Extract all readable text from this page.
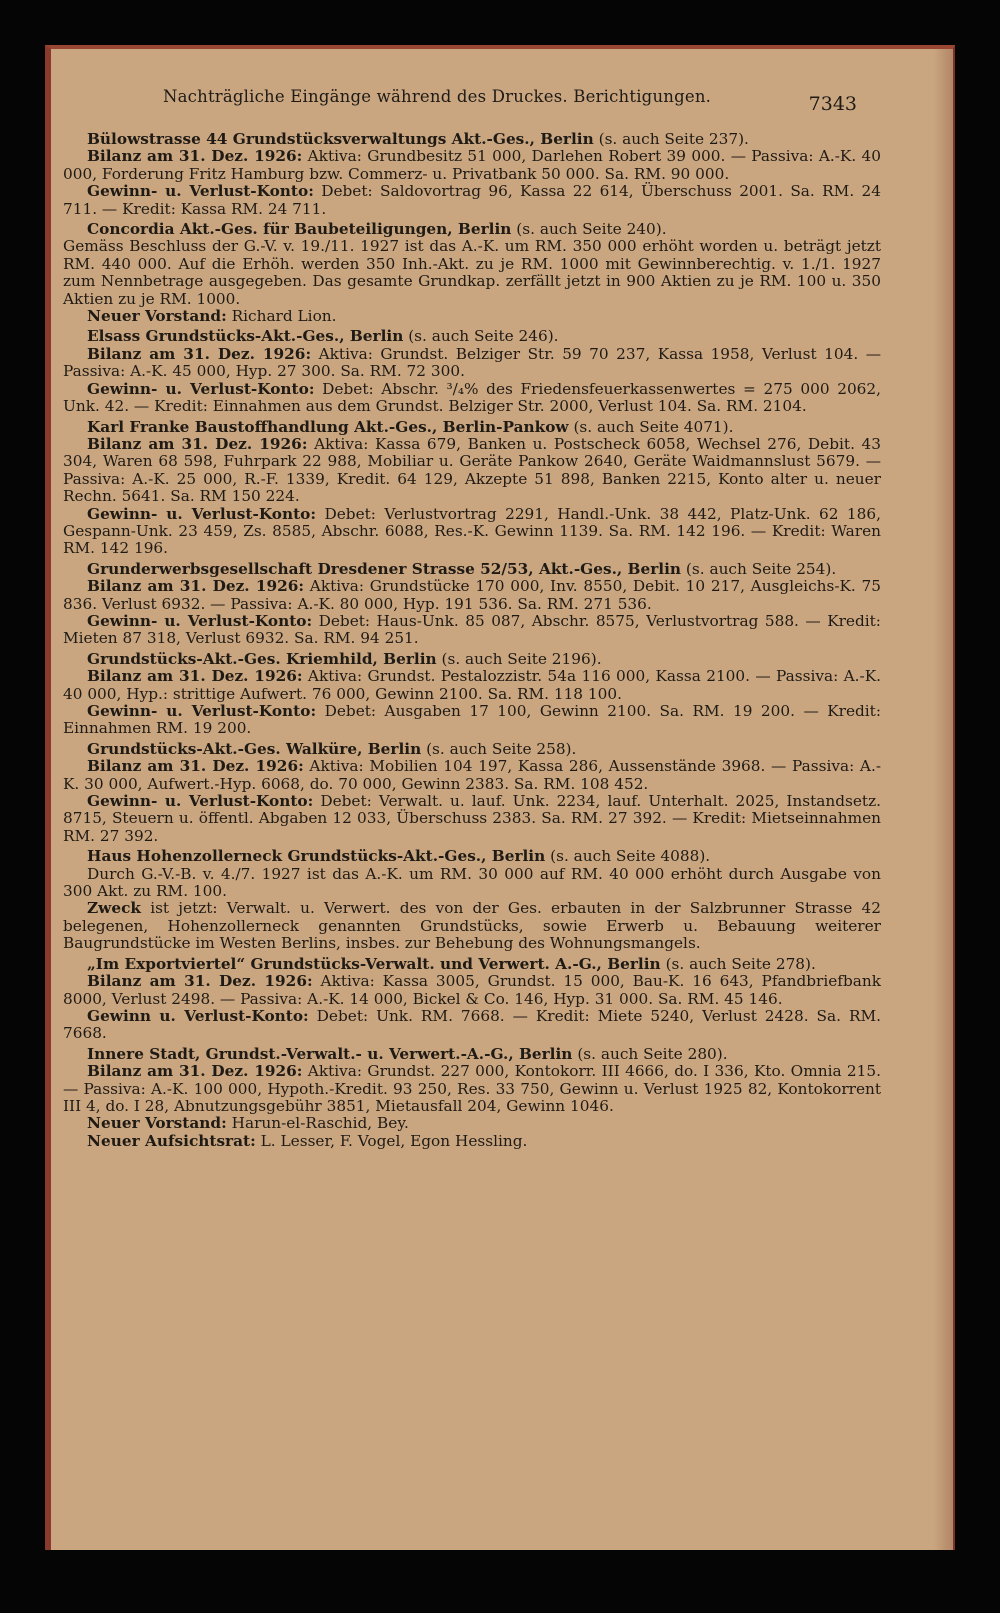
Nachträgliche Eingänge während des Druckes. Berichtigungen.	7343

Bülowstrasse 44 Grundstücksverwaltungs Akt.-Ges., Berlin (s. auch Seite 237).

Bilanz am 31. Dez. 1926: Aktiva: Grundbesitz 51 000, Darlehen Robert 39 000. — Passiva: A.-K. 40 000, Forderung Fritz Hamburg bzw. Commerz- u. Privatbank 50 000. Sa. RM. 90 000.

Gewinn- u. Verlust-Konto: Debet: Saldovortrag 96, Kassa 22 614, Überschuss 2001. Sa. RM. 24 711. — Kredit: Kassa RM. 24 711.

Concordia Akt.-Ges. für Baubeteiligungen, Berlin (s. auch Seite 240).

Gemäss Beschluss der G.-V. v. 19./11. 1927 ist das A.-K. um RM. 350 000 erhöht worden u. beträgt jetzt RM. 440 000. Auf die Erhöh. werden 350 Inh.-Akt. zu je RM. 1000 mit Gewinnberechtig. v. 1./1. 1927 zum Nennbetrage ausgegeben. Das gesamte Grundkap. zerfällt jetzt in 900 Aktien zu je RM. 100 u. 350 Aktien zu je RM. 1000.

Neuer Vorstand: Richard Lion.

Elsass Grundstücks-Akt.-Ges., Berlin (s. auch Seite 246).

Bilanz am 31. Dez. 1926: Aktiva: Grundst. Belziger Str. 59 70 237, Kassa 1958, Verlust 104. — Passiva: A.-K. 45 000, Hyp. 27 300. Sa. RM. 72 300.

Gewinn- u. Verlust-Konto: Debet: Abschr. ³/₄% des Friedensfeuerkassenwertes = 275 000 2062, Unk. 42. — Kredit: Einnahmen aus dem Grundst. Belziger Str. 2000, Verlust 104. Sa. RM. 2104.

Karl Franke Baustoffhandlung Akt.-Ges., Berlin-Pankow (s. auch Seite 4071).

Bilanz am 31. Dez. 1926: Aktiva: Kassa 679, Banken u. Postscheck 6058, Wechsel 276, Debit. 43 304, Waren 68 598, Fuhrpark 22 988, Mobiliar u. Geräte Pankow 2640, Geräte Waidmannslust 5679. — Passiva: A.-K. 25 000, R.-F. 1339, Kredit. 64 129, Akzepte 51 898, Banken 2215, Konto alter u. neuer Rechn. 5641. Sa. RM 150 224.

Gewinn- u. Verlust-Konto: Debet: Verlustvortrag 2291, Handl.-Unk. 38 442, Platz-Unk. 62 186, Gespann-Unk. 23 459, Zs. 8585, Abschr. 6088, Res.-K. Gewinn 1139. Sa. RM. 142 196. — Kredit: Waren RM. 142 196.

Grunderwerbsgesellschaft Dresdener Strasse 52/53, Akt.-Ges., Berlin (s. auch Seite 254).

Bilanz am 31. Dez. 1926: Aktiva: Grundstücke 170 000, Inv. 8550, Debit. 10 217, Ausgleichs-K. 75 836. Verlust 6932. — Passiva: A.-K. 80 000, Hyp. 191 536. Sa. RM. 271 536.

Gewinn- u. Verlust-Konto: Debet: Haus-Unk. 85 087, Abschr. 8575, Verlustvortrag 588. — Kredit: Mieten 87 318, Verlust 6932. Sa. RM. 94 251.

Grundstücks-Akt.-Ges. Kriemhild, Berlin (s. auch Seite 2196).

Bilanz am 31. Dez. 1926: Aktiva: Grundst. Pestalozzistr. 54a 116 000, Kassa 2100. — Passiva: A.-K. 40 000, Hyp.: strittige Aufwert. 76 000, Gewinn 2100. Sa. RM. 118 100.

Gewinn- u. Verlust-Konto: Debet: Ausgaben 17 100, Gewinn 2100. Sa. RM. 19 200. — Kredit: Einnahmen RM. 19 200.

Grundstücks-Akt.-Ges. Walküre, Berlin (s. auch Seite 258).

Bilanz am 31. Dez. 1926: Aktiva: Mobilien 104 197, Kassa 286, Aussenstände 3968. — Passiva: A.-K. 30 000, Aufwert.-Hyp. 6068, do. 70 000, Gewinn 2383. Sa. RM. 108 452.

Gewinn- u. Verlust-Konto: Debet: Verwalt. u. lauf. Unk. 2234, lauf. Unterhalt. 2025, Instandsetz. 8715, Steuern u. öffentl. Abgaben 12 033, Überschuss 2383. Sa. RM. 27 392. — Kredit: Mietseinnahmen RM. 27 392.

Haus Hohenzollerneck Grundstücks-Akt.-Ges., Berlin (s. auch Seite 4088).

Durch G.-V.-B. v. 4./7. 1927 ist das A.-K. um RM. 30 000 auf RM. 40 000 erhöht durch Ausgabe von 300 Akt. zu RM. 100.

Zweck ist jetzt: Verwalt. u. Verwert. des von der Ges. erbauten in der Salzbrunner Strasse 42 belegenen, Hohenzollerneck genannten Grundstücks, sowie Erwerb u. Bebauung weiterer Baugrundstücke im Westen Berlins, insbes. zur Behebung des Wohnungsmangels.

„Im Exportviertel“ Grundstücks-Verwalt. und Verwert. A.-G., Berlin (s. auch Seite 278).

Bilanz am 31. Dez. 1926: Aktiva: Kassa 3005, Grundst. 15 000, Bau-K. 16 643, Pfandbriefbank 8000, Verlust 2498. — Passiva: A.-K. 14 000, Bickel & Co. 146, Hyp. 31 000. Sa. RM. 45 146.

Gewinn u. Verlust-Konto: Debet: Unk. RM. 7668. — Kredit: Miete 5240, Verlust 2428. Sa. RM. 7668.

Innere Stadt, Grundst.-Verwalt.- u. Verwert.-A.-G., Berlin (s. auch Seite 280).

Bilanz am 31. Dez. 1926: Aktiva: Grundst. 227 000, Kontokorr. III 4666, do. I 336, Kto. Omnia 215. — Passiva: A.-K. 100 000, Hypoth.-Kredit. 93 250, Res. 33 750, Gewinn u. Verlust 1925 82, Kontokorrent III 4, do. I 28, Abnutzungsgebühr 3851, Mietausfall 204, Gewinn 1046.

Neuer Vorstand: Harun-el-Raschid, Bey.

Neuer Aufsichtsrat: L. Lesser, F. Vogel, Egon Hessling.
